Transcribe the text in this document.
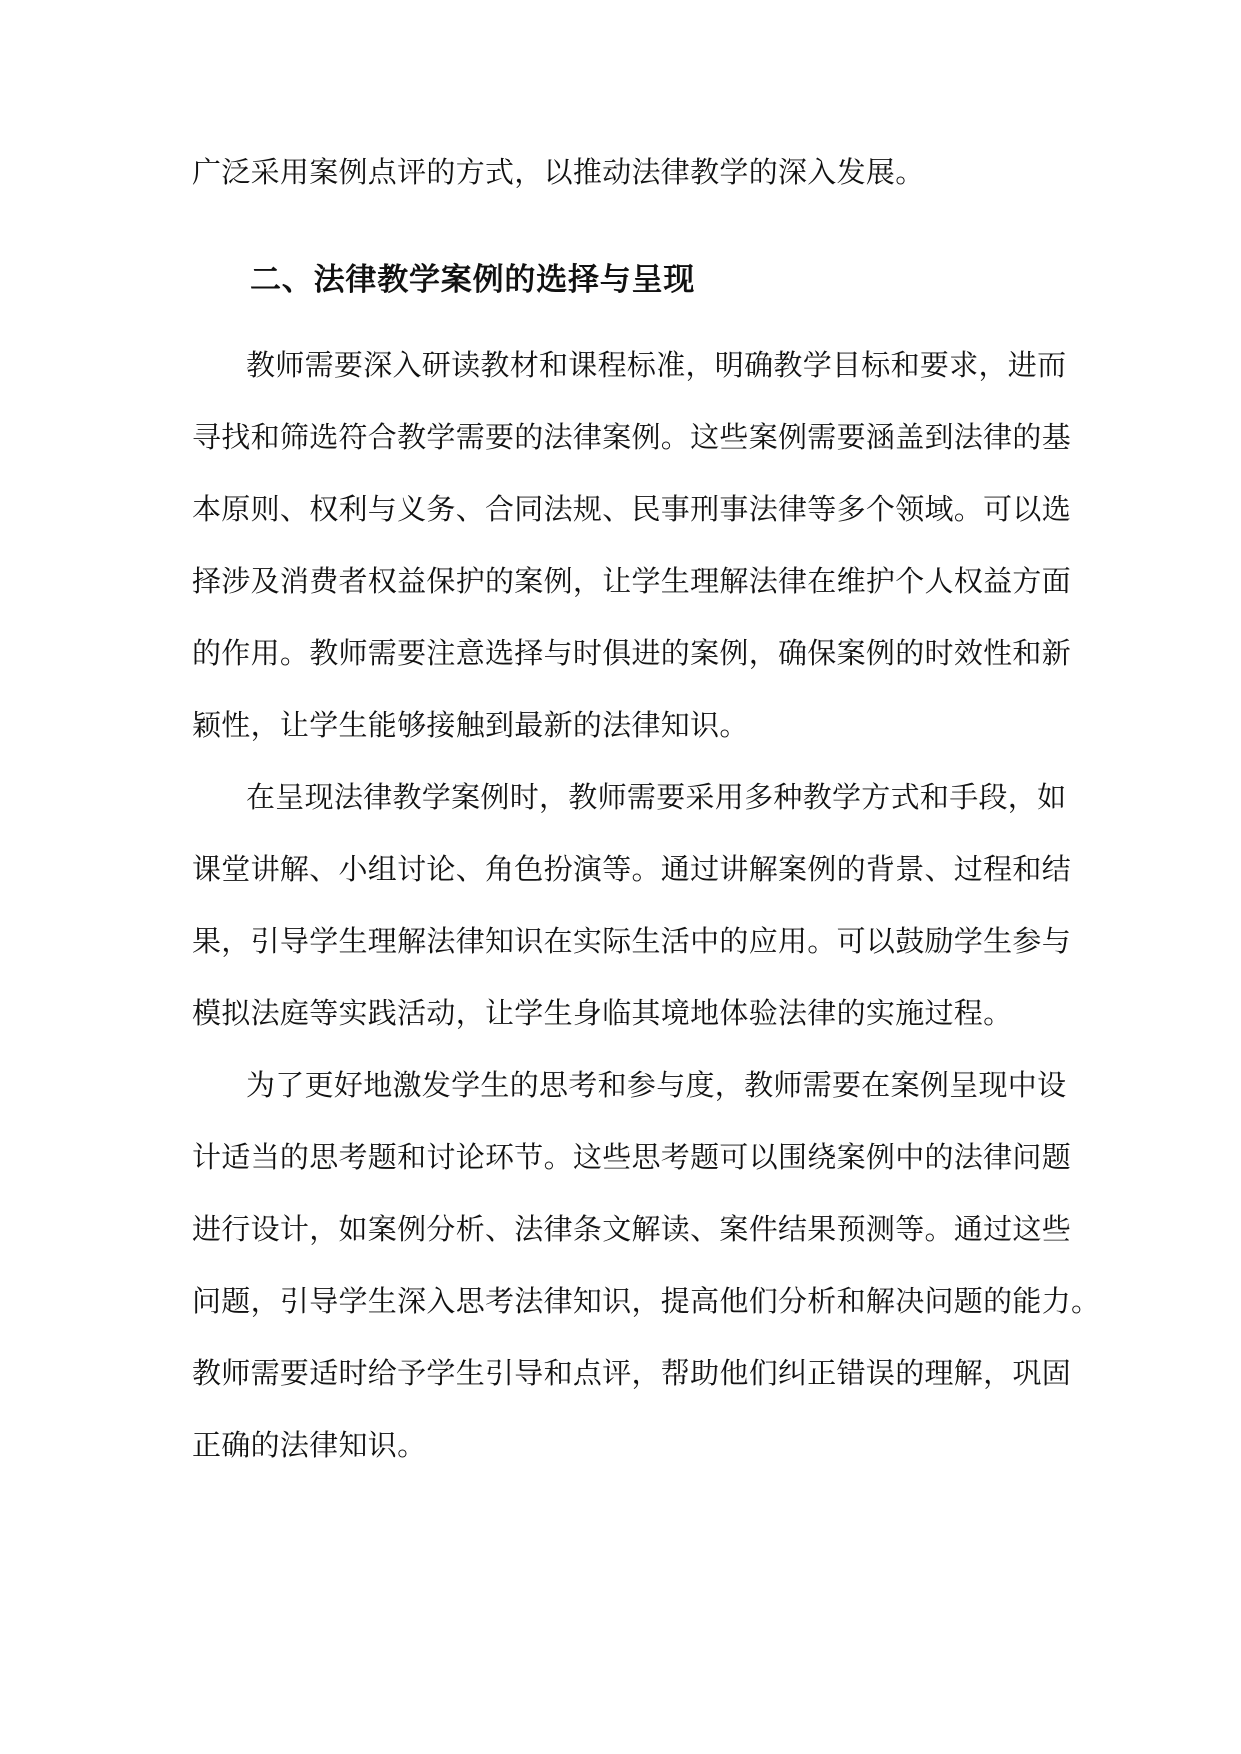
广泛采用案例点评的方式，以推动法律教学的深入发展。
二、法律教学案例的选择与呈现
教师需要深入研读教材和课程标准，明确教学目标和要求，进而
寻找和筛选符合教学需要的法律案例。这些案例需要涵盖到法律的基
本原则、权利与义务、合同法规、民事刑事法律等多个领域。可以选
择涉及消费者权益保护的案例，让学生理解法律在维护个人权益方面
的作用。教师需要注意选择与时俱进的案例，确保案例的时效性和新
颖性，让学生能够接触到最新的法律知识。
在呈现法律教学案例时，教师需要采用多种教学方式和手段，如
课堂讲解、小组讨论、角色扮演等。通过讲解案例的背景、过程和结
果，引导学生理解法律知识在实际生活中的应用。可以鼓励学生参与
模拟法庭等实践活动，让学生身临其境地体验法律的实施过程。
为了更好地激发学生的思考和参与度，教师需要在案例呈现中设
计适当的思考题和讨论环节。这些思考题可以围绕案例中的法律问题
进行设计，如案例分析、法律条文解读、案件结果预测等。通过这些
问题，引导学生深入思考法律知识，提高他们分析和解决问题的能力。
教师需要适时给予学生引导和点评，帮助他们纠正错误的理解，巩固
正确的法律知识。
